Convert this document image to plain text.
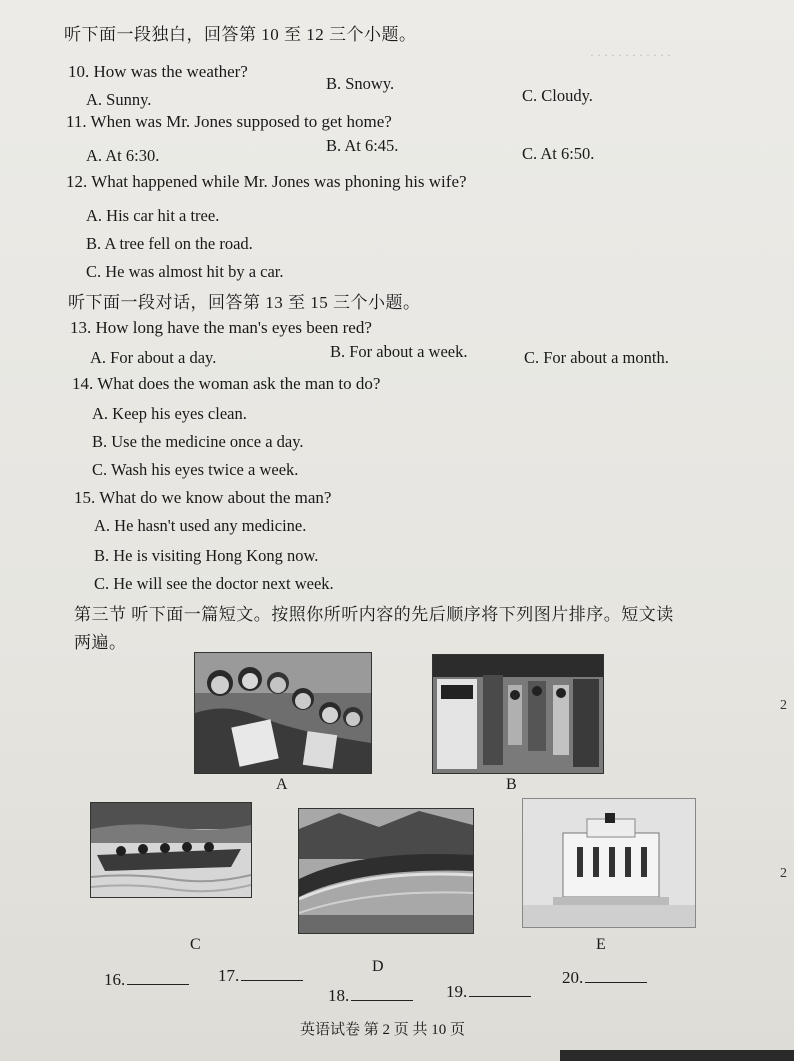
· · · · · · · · · · · ·
听下面一段独白，回答第 10 至 12 三个小题。
10. How was the weather?
A. Sunny.
B. Snowy.
C. Cloudy.
11. When was Mr. Jones supposed to get home?
A. At 6:30.
B. At 6:45.	C. At 6:50.
12. What happened while Mr. Jones was phoning his wife?
A. His car hit a tree.
B. A tree fell on the road.
C. He was almost hit by a car.
听下面一段对话，回答第 13 至 15 三个小题。
13. How long have the man's eyes been red?
A. For about a day.	B. For about a week.	C. For about a month.
14. What does the woman ask the man to do?
A. Keep his eyes clean.
B. Use the medicine once a day.
C. Wash his eyes twice a week.
15. What do we know about the man?
A. He hasn't used any medicine.
B. He is visiting Hong Kong now.
C. He will see the doctor next week.
第三节 听下面一篇短文。按照你所听内容的先后顺序将下列图片排序。短文读
两遍。
A	B
C
D
E
16.	17.
18.	19.
20.
英语试卷 第 2 页 共 10 页
2
2
